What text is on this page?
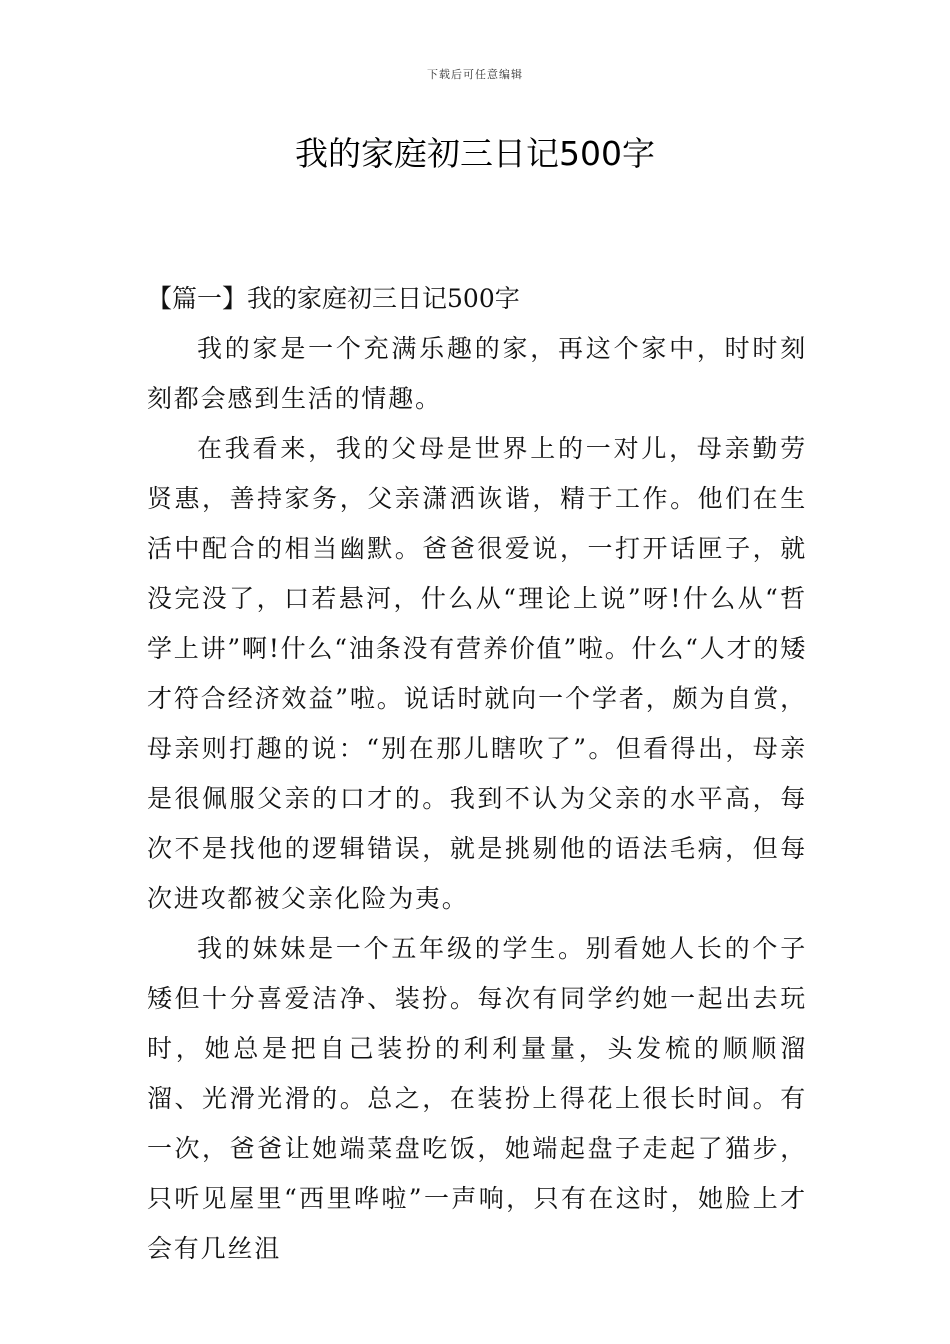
下载后可任意编辑
我的家庭初三日记500字
【篇一】我的家庭初三日记500字

我的家是一个充满乐趣的家，再这个家中，时时刻刻都会感到生活的情趣。

在我看来，我的父母是世界上的一对儿，母亲勤劳贤惠，善持家务，父亲潇洒诙谐，精于工作。他们在生活中配合的相当幽默。爸爸很爱说，一打开话匣子，就没完没了，口若悬河，什么从“理论上说”呀!什么从“哲学上讲”啊!什么“油条没有营养价值”啦。什么“人才的矮才符合经济效益”啦。说话时就向一个学者，颇为自赏，母亲则打趣的说：“别在那儿瞎吹了”。但看得出，母亲是很佩服父亲的口才的。我到不认为父亲的水平高，每次不是找他的逻辑错误，就是挑剔他的语法毛病，但每次进攻都被父亲化险为夷。

我的妹妹是一个五年级的学生。别看她人长的个子矮但十分喜爱洁净、装扮。每次有同学约她一起出去玩时，她总是把自己装扮的利利量量，头发梳的顺顺溜溜、光滑光滑的。总之，在装扮上得花上很长时间。有一次，爸爸让她端菜盘吃饭，她端起盘子走起了猫步，只听见屋里“西里哗啦”一声响，只有在这时，她脸上才会有几丝沮
